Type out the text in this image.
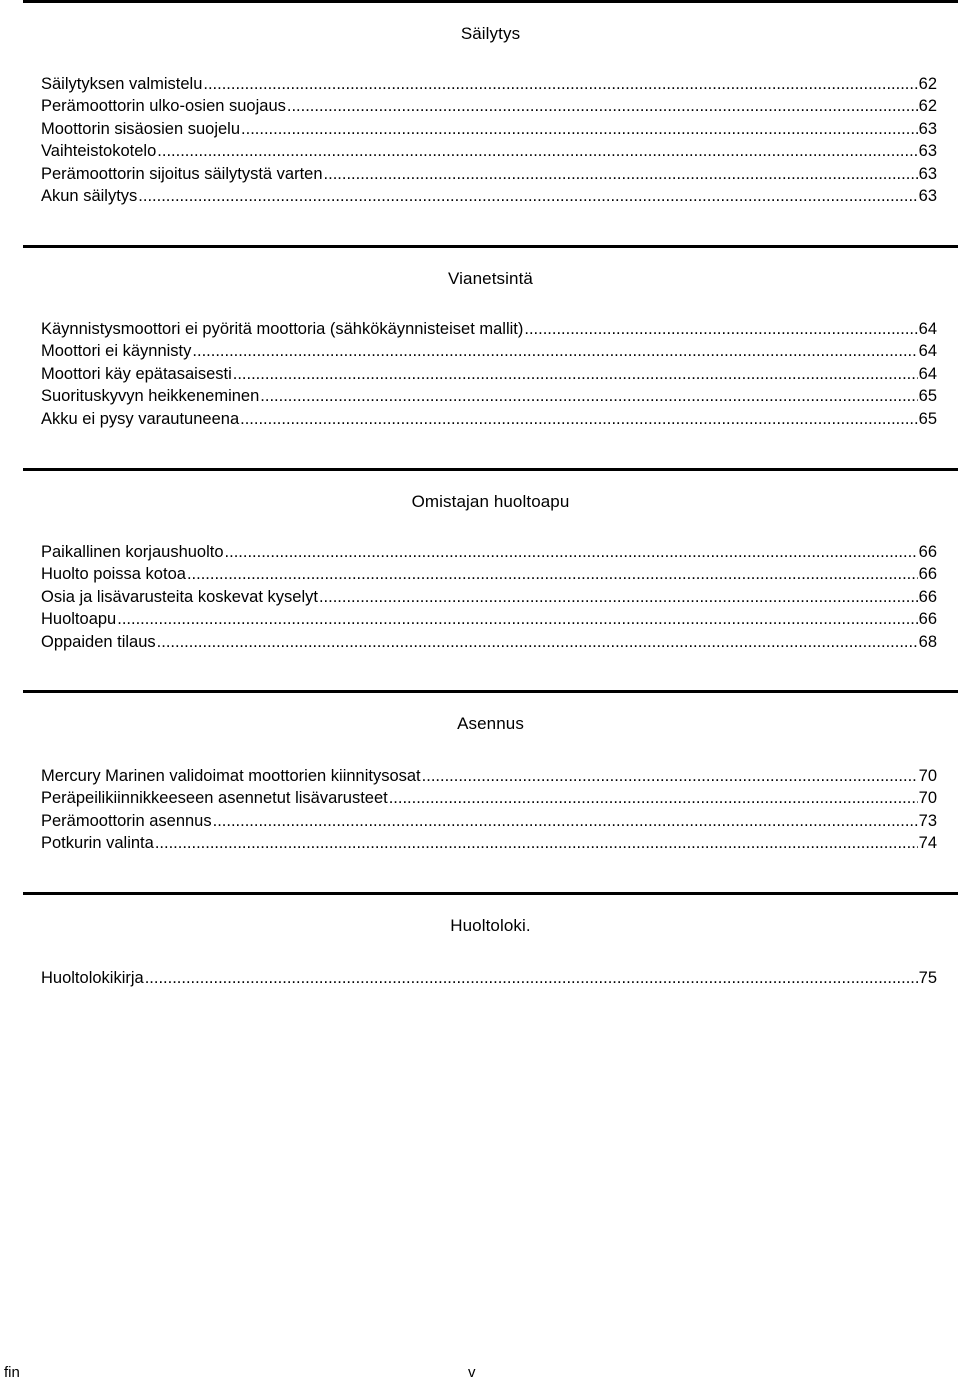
Säilytys
Säilytyksen valmistelu .....	62
Perämoottorin ulko-osien suojaus .....	62
Moottorin sisäosien suojelu .....	63
Vaihteistokotelo .....	63
Perämoottorin sijoitus säilytystä varten .....	63
Akun säilytys .....	63
Vianetsintä
Käynnistysmoottori ei pyöritä moottoria (sähkökäynnisteiset mallit) .....	64
Moottori ei käynnisty .....	64
Moottori käy epätasaisesti .....	64
Suorituskyvyn heikkeneminen .....	65
Akku ei pysy varautuneena .....	65
Omistajan huoltoapu
Paikallinen korjaushuolto .....	66
Huolto poissa kotoa .....	66
Osia ja lisävarusteita koskevat kyselyt .....	66
Huoltoapu .....	66
Oppaiden tilaus .....	68
Asennus
Mercury Marinen validoimat moottorien kiinnitysosat .....	70
Peräpeilikiinnikkeeseen asennetut lisävarusteet .....	70
Perämoottorin asennus .....	73
Potkurin valinta .....	74
Huoltoloki.
Huoltolokikirja .....	75
fin	v
